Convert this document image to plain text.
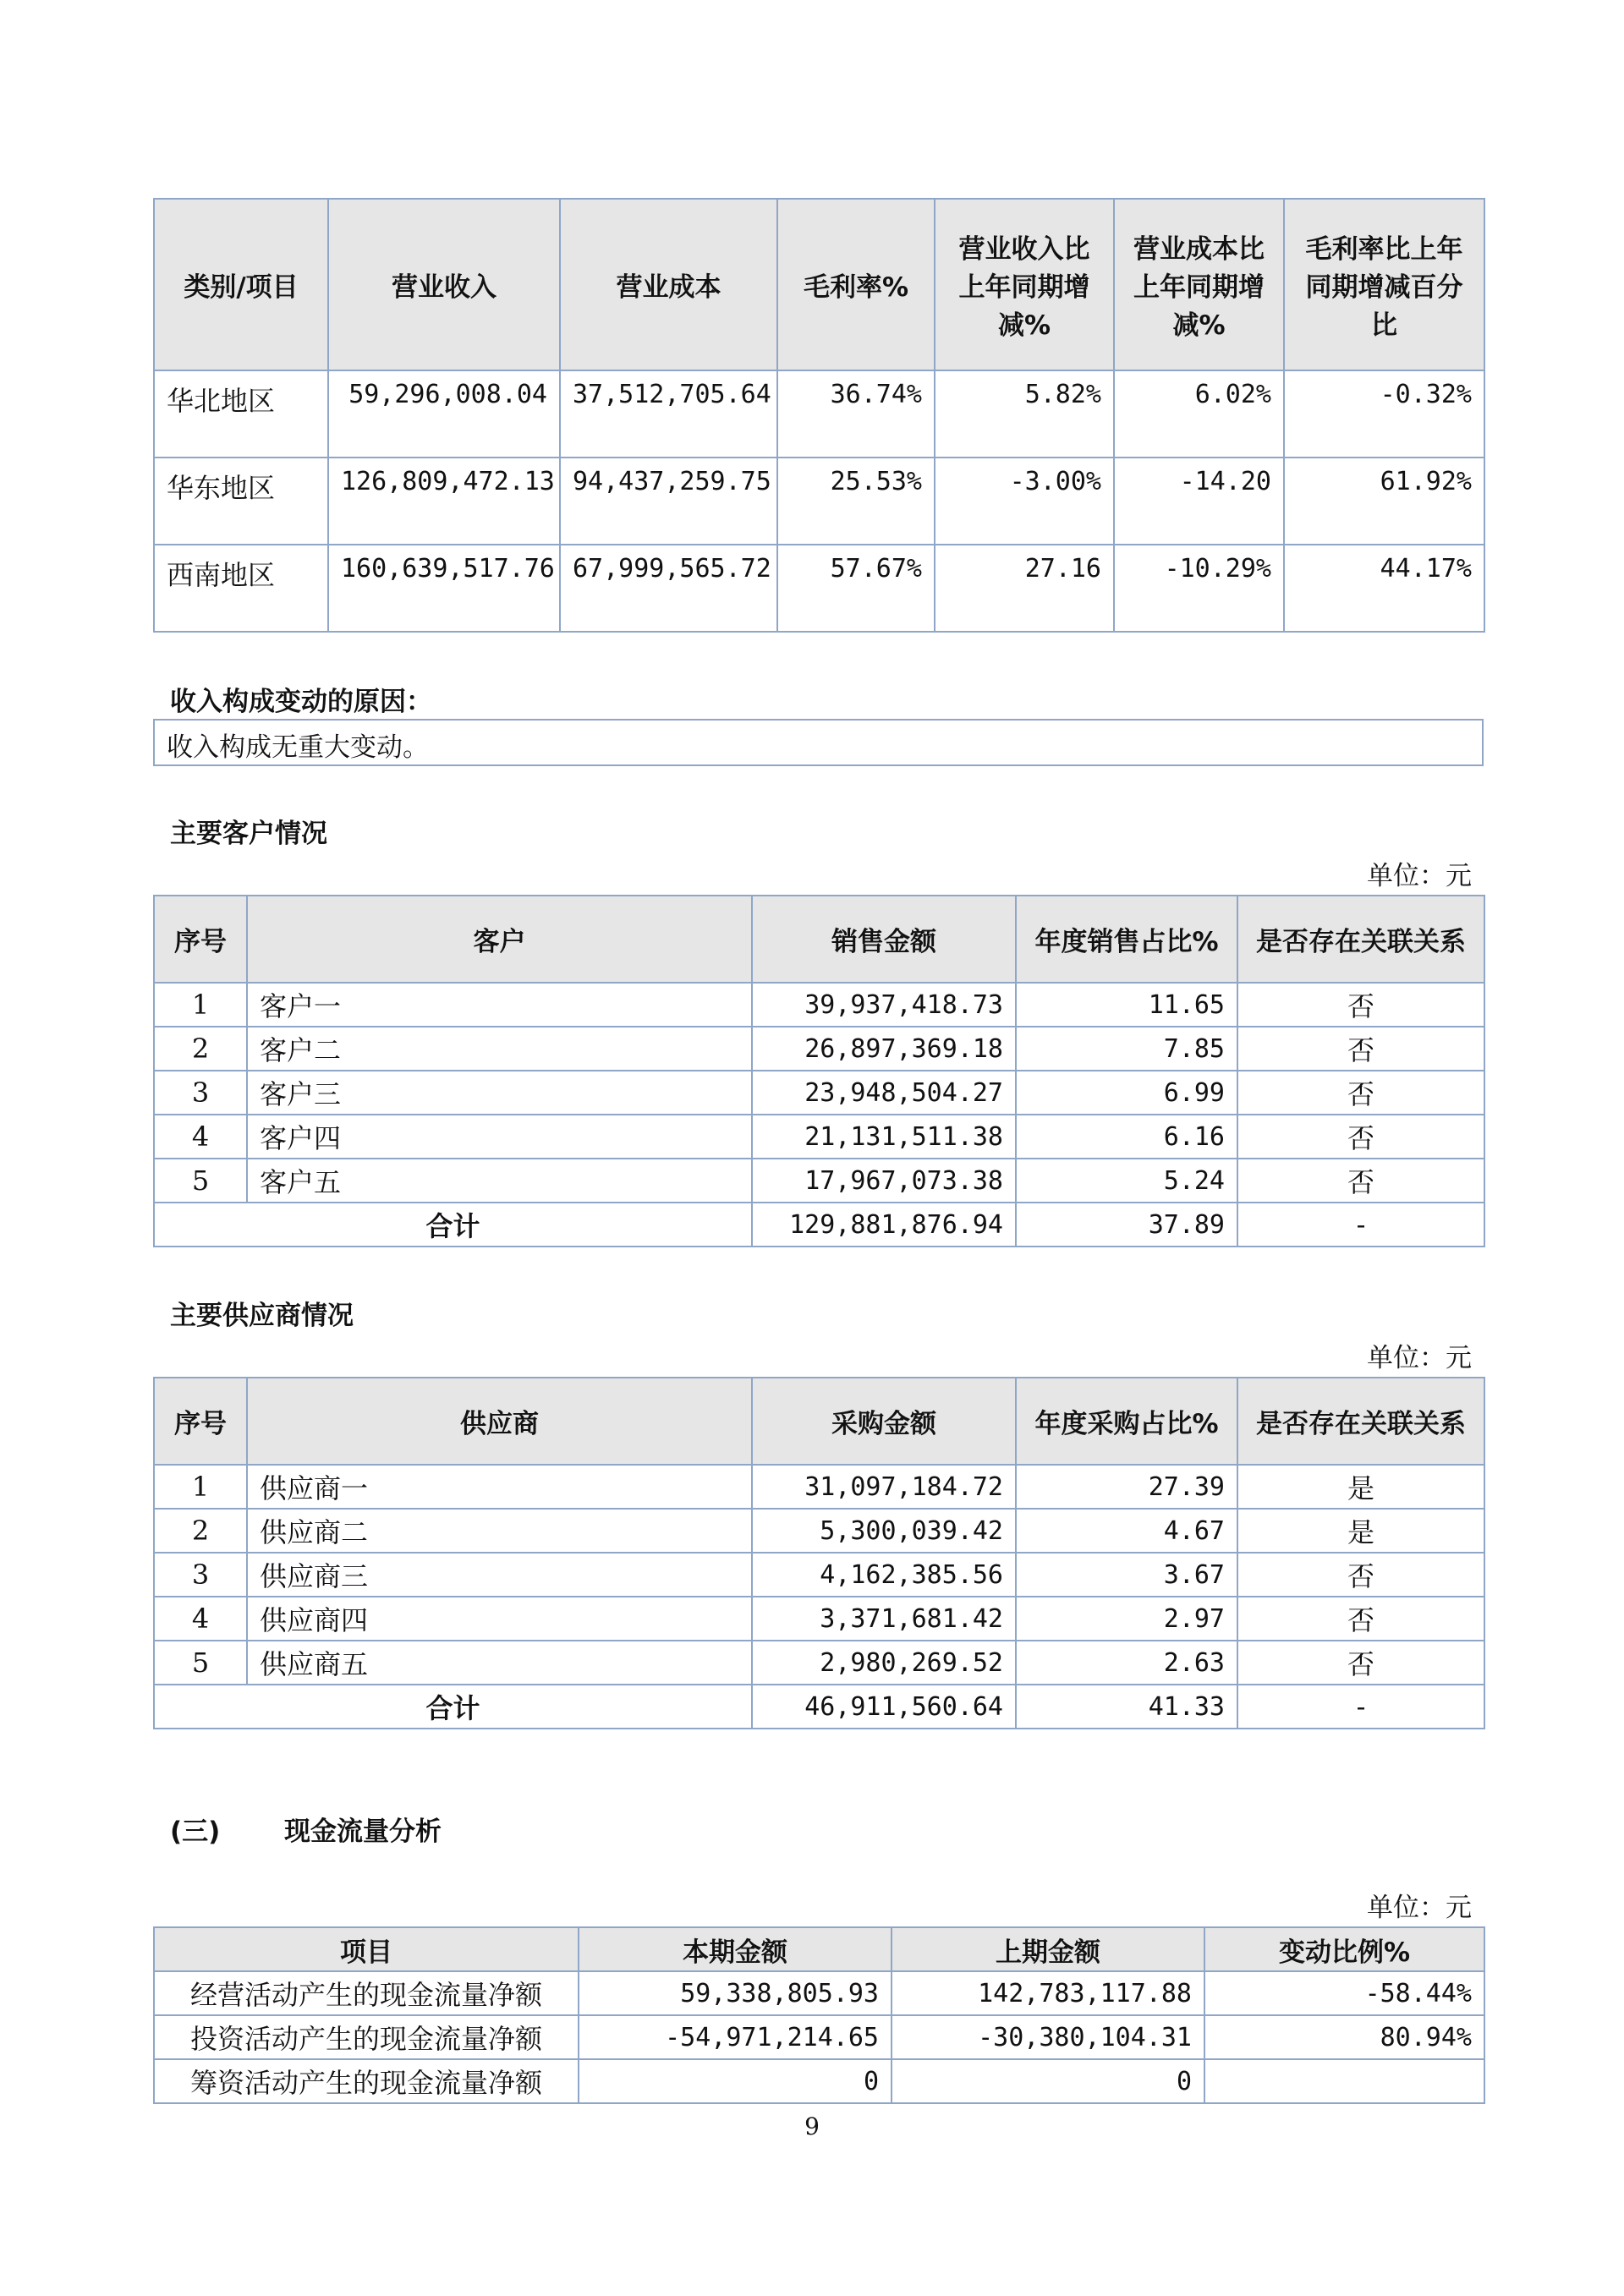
类别/项目	营业收入	营业成本	毛利率%	营业收入比上年同期增减%	营业成本比上年同期增减%	毛利率比上年同期增减百分比
华北地区	59,296,008.04	37,512,705.64	36.74%	5.82%	6.02%	-0.32%
华东地区	126,809,472.13	94,437,259.75	25.53%	-3.00%	-14.20	61.92%
西南地区	160,639,517.76	67,999,565.72	57.67%	27.16	-10.29%	44.17%
收入构成变动的原因：
收入构成无重大变动。
主要客户情况
单位：元
序号	客户	销售金额	年度销售占比%	是否存在关联关系
1	客户一	39,937,418.73	11.65	否
2	客户二	26,897,369.18	7.85	否
3	客户三	23,948,504.27	6.99	否
4	客户四	21,131,511.38	6.16	否
5	客户五	17,967,073.38	5.24	否
合计		129,881,876.94	37.89	-
主要供应商情况
单位：元
序号	供应商	采购金额	年度采购占比%	是否存在关联关系
1	供应商一	31,097,184.72	27.39	是
2	供应商二	5,300,039.42	4.67	是
3	供应商三	4,162,385.56	3.67	否
4	供应商四	3,371,681.42	2.97	否
5	供应商五	2,980,269.52	2.63	否
合计		46,911,560.64	41.33	-
(三) 现金流量分析
单位：元
项目	本期金额	上期金额	变动比例%
经营活动产生的现金流量净额	59,338,805.93	142,783,117.88	-58.44%
投资活动产生的现金流量净额	-54,971,214.65	-30,380,104.31	80.94%
筹资活动产生的现金流量净额	0	0	
9
